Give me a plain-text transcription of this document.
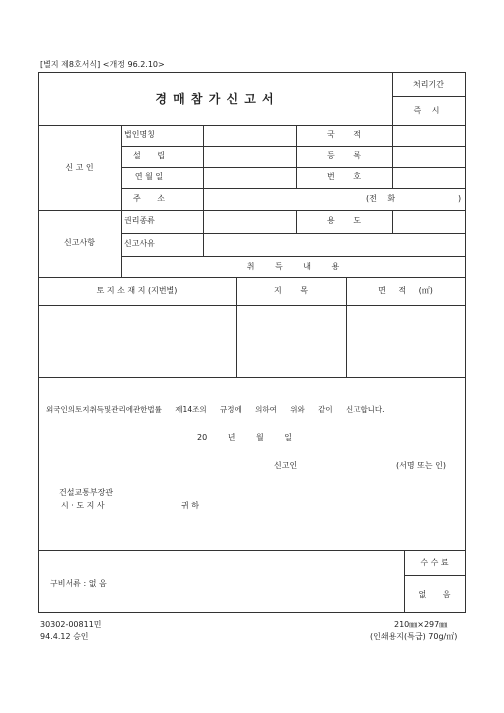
[별지 제8호서식] <개정 96.2.10>
경 매 참 가 신 고 서
처리기간
즉 시
신 고 인
법인명칭	국 적
설 립	등 록
연 월 일	번 호
주 소	(전 화	)
신고사항
권리종류	용 도
신고사유
취 득 내 용
토 지 소 재 지 (지번별)	지 목	면 적 (㎡)
외국인의토지취득및관리에관한법률 제14조의 규정에 의하여 위와 같이 신고합니다.
20 년 월 일
신고인	(서명 또는 인)
건설교통부장관
시 · 도 지 사	귀 하
구비서류 : 없 음
수 수 료
없 음
30302-00811민
94.4.12 승인
210㎜×297㎜
(인쇄용지(특급) 70g/㎡)
